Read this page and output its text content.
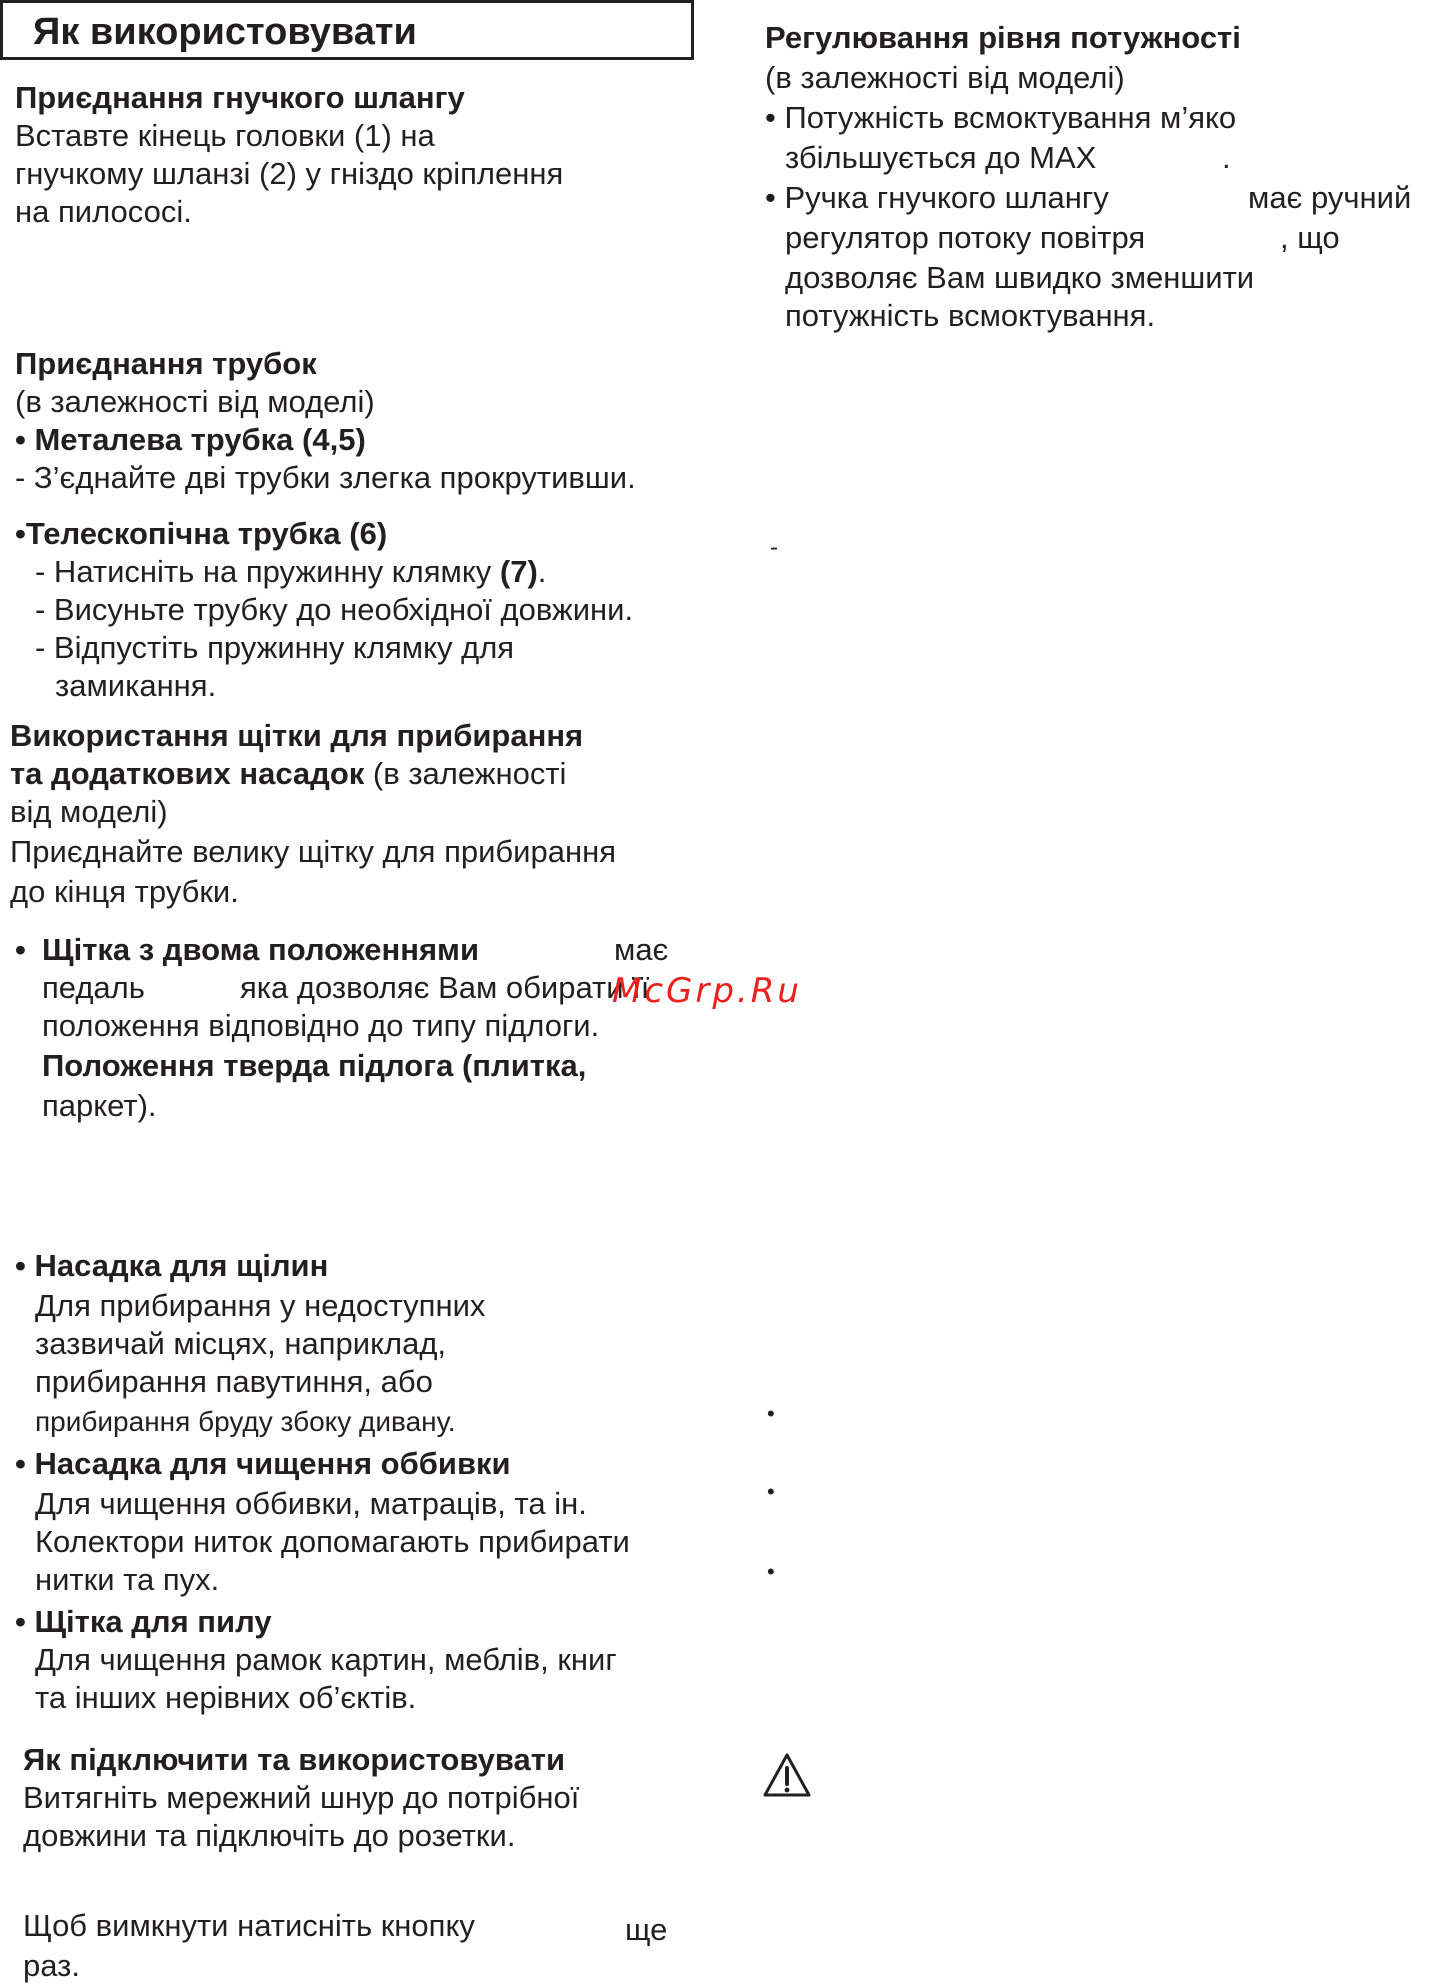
Як використовувати
Приєднання гнучкого шлангу
Вставте кінець головки (1) на
гнучкому шланзі (2) у гніздо кріплення
на пилососі.
Приєднання трубок
(в залежності від моделі)
• Металева трубка (4,5)
- З’єднайте дві трубки злегка прокрутивши.
•Телескопічна трубка (6)
- Натисніть на пружинну клямку (7).
- Висуньте трубку до необхідної довжини.
- Відпустіть пружинну клямку для
замикання.
Використання щітки для прибирання
та додаткових насадок (в залежності
від моделі)
Приєднайте велику щітку для прибирання
до кінця трубки.
• Щітка з двома положеннями	має
педаль	яка дозволяє Вам обирати її
положення відповідно до типу підлоги.
Положення тверда підлога (плитка,
паркет).
• Насадка для щілин
Для прибирання у недоступних
зазвичай місцях, наприклад,
прибирання павутиння, або
прибирання бруду збоку дивану.
• Насадка для чищення оббивки
Для чищення оббивки, матраців, та ін.
Колектори ниток допомагають прибирати
нитки та пух.
• Щітка для пилу
Для чищення рамок картин, меблів, книг
та інших нерівних об’єктів.
Як підключити та використовувати
Витягніть мережний шнур до потрібної
довжини та підключіть до розетки.
Щоб вимкнути натисніть кнопку	ще
раз.
Регулювання рівня потужності
(в залежності від моделі)
• Потужність всмоктування м’яко
збільшується до MAX	.
• Ручка гнучкого шлангу	має ручний
регулятор потоку повітря	, що
дозволяє Вам швидко зменшити
потужність всмоктування.
-
•
•
•
McGrp.Ru
